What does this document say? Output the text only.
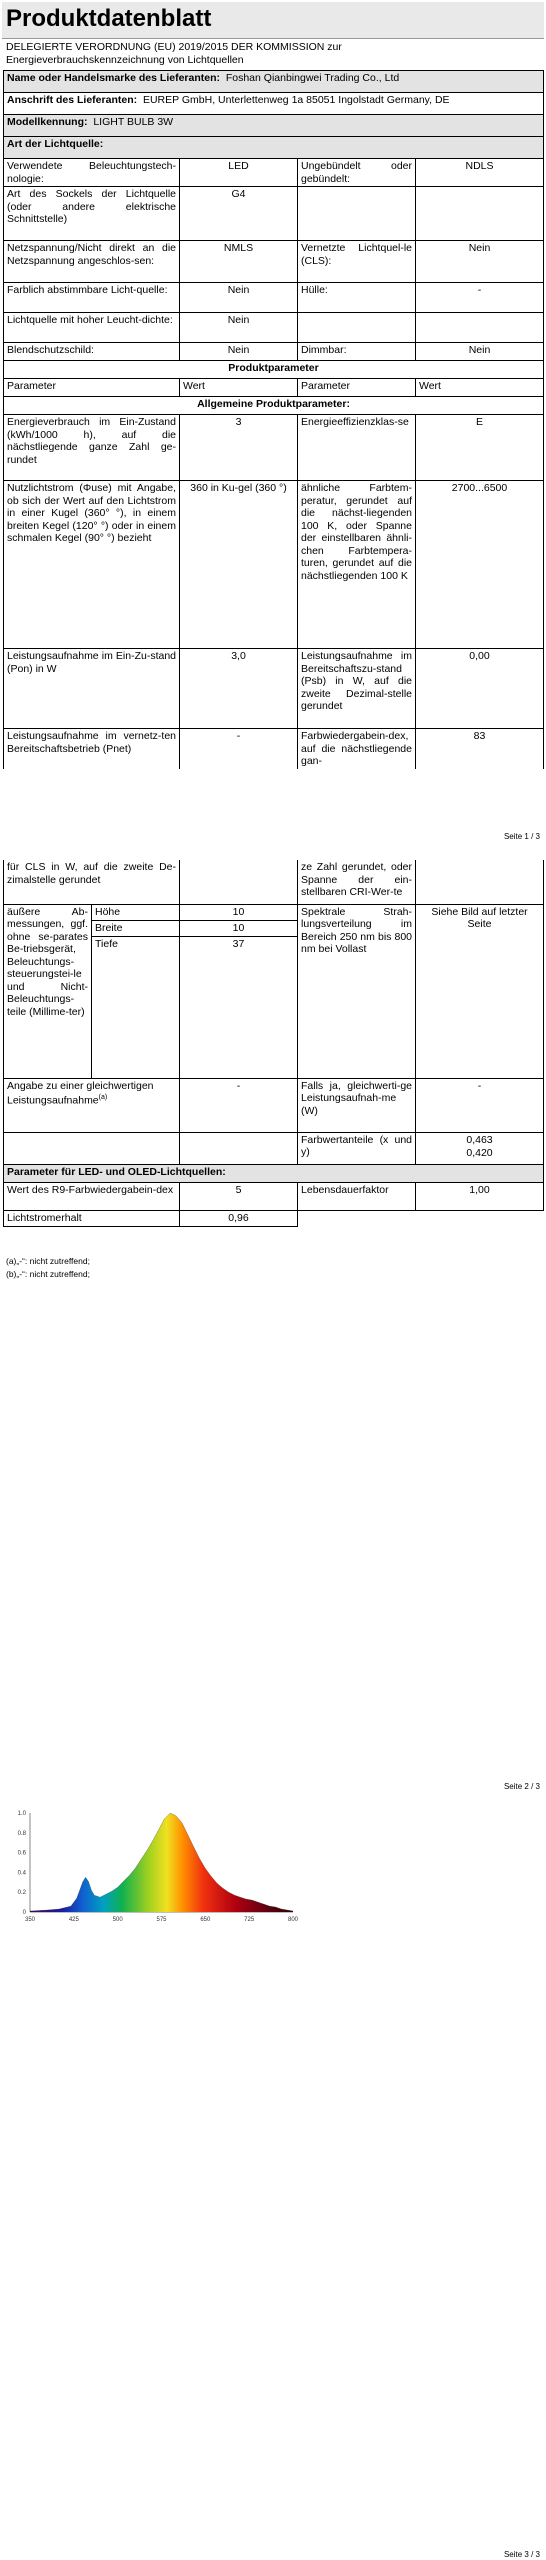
Produktdatenblatt
DELEGIERTE VERORDNUNG (EU) 2019/2015 DER KOMMISSION zur
Energieverbrauchskennzeichnung von Lichtquellen
Name oder Handelsmarke des Lieferanten: Foshan Qianbingwei Trading Co., Ltd			
Anschrift des Lieferanten: EUREP GmbH, Unterlettenweg 1a 85051 Ingolstadt Germany, DE			
Modellkennung: LIGHT BULB 3W			
Art der Lichtquelle:			
Verwendete Beleuchtungstech-nologie:	LED	Ungebündelt oder gebündelt:	NDLS
Art des Sockels der Lichtquelle (oder andere elektrische Schnittstelle)	G4		
Netzspannung/Nicht direkt an die Netzspannung angeschlos-sen:	NMLS	Vernetzte Lichtquel-le (CLS):	Nein
Farblich abstimmbare Licht-quelle:	Nein	Hülle:	-
Lichtquelle mit hoher Leucht-dichte:	Nein		
Blendschutzschild:	Nein	Dimmbar:	Nein
Produktparameter			
Parameter	Wert	Parameter	Wert
Allgemeine Produktparameter:			
Energieverbrauch im Ein-Zustand (kWh/1000 h), auf die nächstliegende ganze Zahl ge-rundet	3	Energieeffizienzklas-se	E
Nutzlichtstrom (Φuse) mit Angabe, ob sich der Wert auf den Lichtstrom in einer Kugel (360° °), in einem breiten Kegel (120° °) oder in einem schmalen Kegel (90° °) bezieht	360 in Ku-gel (360 °)	ähnliche Farbtem-peratur, gerundet auf die nächst-liegenden 100 K, oder Spanne der einstellbaren ähnli-chen Farbtempera-turen, gerundet auf die nächstliegenden 100 K	2700...6500
Leistungsaufnahme im Ein-Zu-stand (Pon) in W	3,0	Leistungsaufnahme im Bereitschaftszu-stand (Psb) in W, auf die zweite Dezimal-stelle gerundet	0,00
Leistungsaufnahme im vernetz-ten Bereitschaftsbetrieb (Pnet)	-	Farbwiedergabein-dex, auf die nächstliegende gan-	83
Seite 1 / 3
für CLS in W, auf die zweite De-zimalstelle gerundet			ze Zahl gerundet, oder Spanne der ein-stellbaren CRI-Wer-te	
äußere Ab-messungen, ggf. ohne se-parates Be-triebsgerät, Beleuchtungs-steuerungstei-le und Nicht-Beleuchtungs-teile (Millime-ter)	Höhe	10	Spektrale Strah-lungsverteilung im Bereich 250 nm bis 800 nm bei Vollast	Siehe Bild auf letzter Seite
	Breite	10		
	Tiefe	37		
Angabe zu einer gleichwertigen Leistungsaufnahme$^{(a)}$		-	Falls ja, gleichwerti-ge Leistungsaufnah-me (W)	-
			Farbwertanteile (x und y)	0,463
0,420

Parameter für LED- und OLED-Lichtquellen:				
Wert des R9-Farbwiedergabein-dex		5	Lebensdauerfaktor	1,00
Lichtstromerhalt		0,96		
(a)„-“: nicht zutreffend;
(b)„-“: nicht zutreffend;
Seite 2 / 3
0
0.2
0.4
0.6
0.8
1.0
350	425	500	575	650	725	800
Seite 3 / 3
